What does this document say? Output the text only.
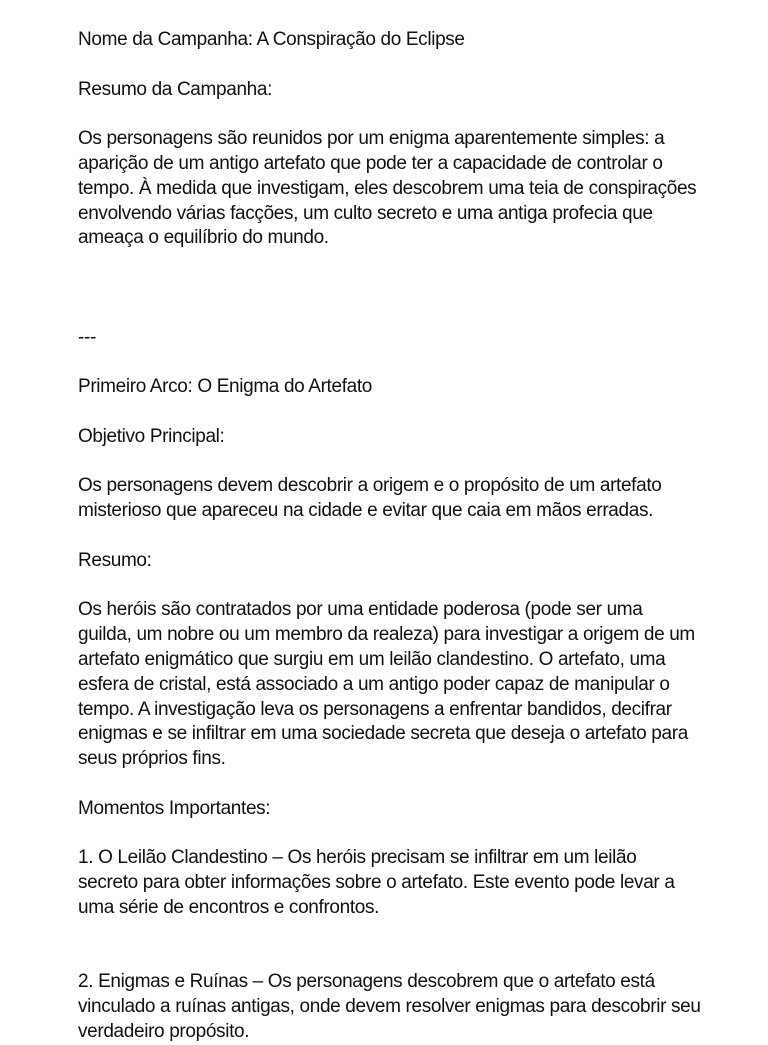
Nome da Campanha: A Conspiração do Eclipse

Resumo da Campanha:

Os personagens são reunidos por um enigma aparentemente simples: a

aparição de um antigo artefato que pode ter a capacidade de controlar o

tempo. À medida que investigam, eles descobrem uma teia de conspirações

envolvendo várias facções, um culto secreto e uma antiga profecia que

ameaça o equilíbrio do mundo.

---

Primeiro Arco: O Enigma do Artefato

Objetivo Principal:

Os personagens devem descobrir a origem e o propósito de um artefato

misterioso que apareceu na cidade e evitar que caia em mãos erradas.

Resumo:

Os heróis são contratados por uma entidade poderosa (pode ser uma

guilda, um nobre ou um membro da realeza) para investigar a origem de um

artefato enigmático que surgiu em um leilão clandestino. O artefato, uma

esfera de cristal, está associado a um antigo poder capaz de manipular o

tempo. A investigação leva os personagens a enfrentar bandidos, decifrar

enigmas e se infiltrar em uma sociedade secreta que deseja o artefato para

seus próprios fins.

Momentos Importantes:

1. O Leilão Clandestino – Os heróis precisam se infiltrar em um leilão

secreto para obter informações sobre o artefato. Este evento pode levar a

uma série de encontros e confrontos.

2. Enigmas e Ruínas – Os personagens descobrem que o artefato está

vinculado a ruínas antigas, onde devem resolver enigmas para descobrir seu

verdadeiro propósito.
